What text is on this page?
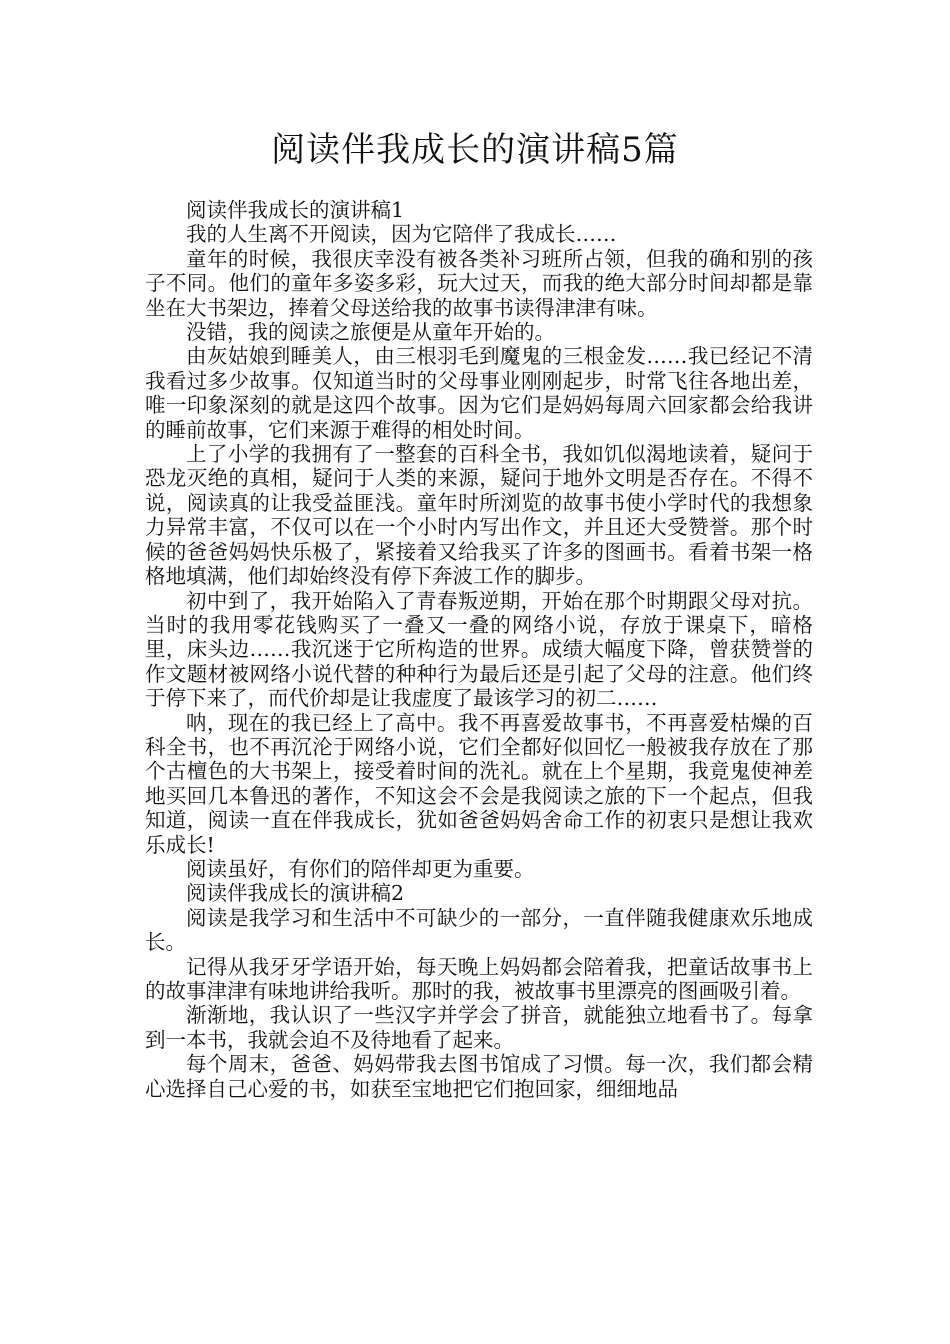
阅读伴我成长的演讲稿5篇

阅读伴我成长的演讲稿1

我的人生离不开阅读，因为它陪伴了我成长……

童年的时候，我很庆幸没有被各类补习班所占领，但我的确和别的孩子不同。他们的童年多姿多彩，玩大过天，而我的绝大部分时间却都是靠坐在大书架边，捧着父母送给我的故事书读得津津有味。

没错，我的阅读之旅便是从童年开始的。

由灰姑娘到睡美人，由三根羽毛到魔鬼的三根金发……我已经记不清我看过多少故事。仅知道当时的父母事业刚刚起步，时常飞往各地出差，唯一印象深刻的就是这四个故事。因为它们是妈妈每周六回家都会给我讲的睡前故事，它们来源于难得的相处时间。

上了小学的我拥有了一整套的百科全书，我如饥似渴地读着，疑问于恐龙灭绝的真相，疑问于人类的来源，疑问于地外文明是否存在。不得不说，阅读真的让我受益匪浅。童年时所浏览的故事书使小学时代的我想象力异常丰富，不仅可以在一个小时内写出作文，并且还大受赞誉。那个时候的爸爸妈妈快乐极了，紧接着又给我买了许多的图画书。看着书架一格格地填满，他们却始终没有停下奔波工作的脚步。

初中到了，我开始陷入了青春叛逆期，开始在那个时期跟父母对抗。当时的我用零花钱购买了一叠又一叠的网络小说，存放于课桌下，暗格里，床头边……我沉迷于它所构造的世界。成绩大幅度下降，曾获赞誉的作文题材被网络小说代替的种种行为最后还是引起了父母的注意。他们终于停下来了，而代价却是让我虚度了最该学习的初二……

呐，现在的我已经上了高中。我不再喜爱故事书，不再喜爱枯燥的百科全书，也不再沉沦于网络小说，它们全都好似回忆一般被我存放在了那个古檀色的大书架上，接受着时间的洗礼。就在上个星期，我竟鬼使神差地买回几本鲁迅的著作，不知这会不会是我阅读之旅的下一个起点，但我知道，阅读一直在伴我成长，犹如爸爸妈妈舍命工作的初衷只是想让我欢乐成长!

阅读虽好，有你们的陪伴却更为重要。

阅读伴我成长的演讲稿2

阅读是我学习和生活中不可缺少的一部分，一直伴随我健康欢乐地成长。

记得从我牙牙学语开始，每天晚上妈妈都会陪着我，把童话故事书上的故事津津有味地讲给我听。那时的我，被故事书里漂亮的图画吸引着。

渐渐地，我认识了一些汉字并学会了拼音，就能独立地看书了。每拿到一本书，我就会迫不及待地看了起来。

每个周末，爸爸、妈妈带我去图书馆成了习惯。每一次，我们都会精心选择自己心爱的书，如获至宝地把它们抱回家，细细地品
